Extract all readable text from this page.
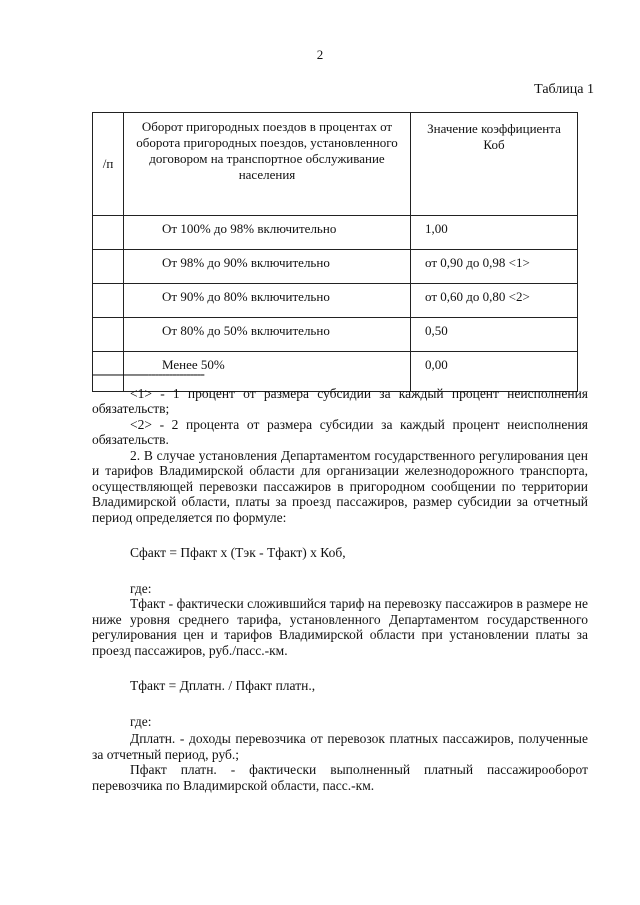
2
Таблица 1
/п	Оборот пригородных поездов в процентах от оборота пригородных поездов, установленного договором на транспортное обслуживание населения	Значение коэффициента Коб
	От 100% до 98% включительно	1,00
	От 98% до 90% включительно	от 0,90 до 0,98 <1>
	От 90% до 80% включительно	от 0,60 до 0,80 <2>
	От 80% до 50% включительно	0,50
	Менее 50%	0,00
--------------------------------

<1> - 1 процент от размера субсидии за каждый процент неисполнения обязательств;

<2> - 2 процента от размера субсидии за каждый процент неисполнения обязательств.

2. В случае установления Департаментом государственного регулирования цен и тарифов Владимирской области для организации железнодорожного транспорта, осуществляющей перевозки пассажиров в пригородном сообщении по территории Владимирской области, платы за проезд пассажиров, размер субсидии за отчетный период определяется по формуле:

Сфакт = Пфакт x (Тэк - Тфакт) x Коб,
где:

Тфакт - фактически сложившийся тариф на перевозку пассажиров в размере не ниже уровня среднего тарифа, установленного Департаментом государственного регулирования цен и тарифов Владимирской области при установлении платы за проезд пассажиров, руб./пасс.-км.

Тфакт = Дплатн. / Пфакт платн.,
где:

Дплатн. - доходы перевозчика от перевозок платных пассажиров, полученные за отчетный период, руб.;

Пфакт платн. - фактически выполненный платный пассажирооборот перевозчика по Владимирской области, пасс.-км.
